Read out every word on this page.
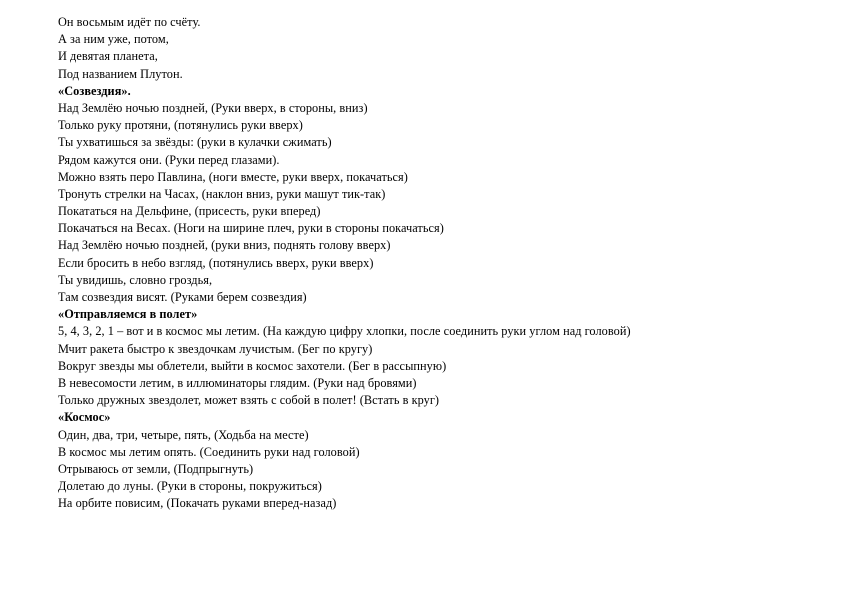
Он восьмым идёт по счёту.
А за ним уже, потом,
И девятая планета,
Под названием Плутон.
«Созвездия».
Над Землёю ночью поздней, (Руки вверх, в стороны, вниз)
Только руку протяни, (потянулись руки вверх)
Ты ухватишься за звёзды: (руки в кулачки сжимать)
Рядом кажутся они. (Руки перед глазами).
Можно взять перо Павлина, (ноги вместе, руки вверх, покачаться)
Тронуть стрелки на Часах, (наклон вниз, руки машут тик-так)
Покататься на Дельфине, (присесть, руки вперед)
Покачаться на Весах. (Ноги на ширине плеч, руки в стороны покачаться)
Над Землёю ночью поздней, (руки вниз, поднять голову вверх)
Если бросить в небо взгляд, (потянулись вверх, руки вверх)
Ты увидишь, словно гроздья,
Там созвездия висят. (Руками берем созвездия)
«Отправляемся в полет»
5, 4, 3, 2, 1 – вот и в космос мы летим. (На каждую цифру хлопки, после соединить руки углом над головой)
Мчит ракета быстро к звездочкам лучистым. (Бег по кругу)
Вокруг звезды мы облетели, выйти в космос захотели. (Бег в рассыпную)
В невесомости летим, в иллюминаторы глядим. (Руки над бровями)
Только дружных звездолет, может взять с собой в полет! (Встать в круг)
«Космос»
Один, два, три, четыре, пять, (Ходьба на месте)
В космос мы летим опять. (Соединить руки над головой)
Отрываюсь от земли, (Подпрыгнуть)
Долетаю до луны. (Руки в стороны, покружиться)
На орбите повисим, (Покачать руками вперед-назад)
